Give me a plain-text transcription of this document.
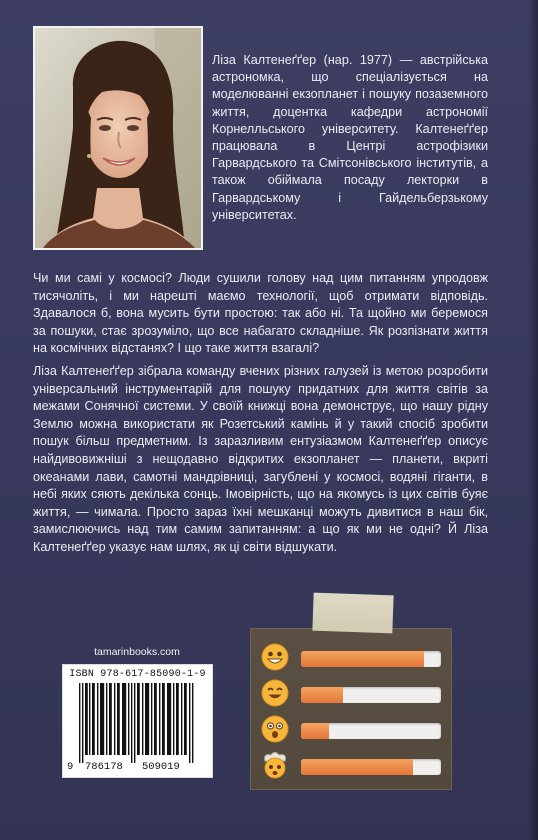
Ліза Калтенеґґер (нар. 1977) — австрійська астрономка, що спеціалізується на моделюванні екзопланет і пошуку позаземного життя, доцентка кафедри астрономії Корнелльського університету. Калтенеґґер працювала в Центрі астрофізики Гарвардського та Смітсонівського інститутів, а також обіймала посаду лекторки в Гарвардському і Гайдельберзькому університетах.

Чи ми самі у космосі? Люди сушили голову над цим питанням упродовж тисячоліть, і ми нарешті маємо технології, щоб отримати відповідь. Здавалося б, вона мусить бути простою: так або ні. Та щойно ми беремося за пошуки, стає зрозуміло, що все набагато складніше. Як розпізнати життя на космічних відстанях? І що таке життя взагалі?

Ліза Калтенеґґер зібрала команду вчених різних галузей із метою розробити універсальний інструментарій для пошуку придатних для життя світів за межами Сонячної системи. У своїй книжці вона демонструє, що нашу рідну Землю можна використати як Розетський камінь й у такий спосіб зробити пошук більш предметним. Із заразливим ентузіазмом Калтенеґґер описує найдивовижніші з нещодавно відкритих екзопланет — планети, вкриті океанами лави, самотні мандрівниці, загублені у космосі, водяні гіганти, в небі яких сяють декілька сонць. Імовірність, що на якомусь із цих світів буяє життя, — чимала. Просто зараз їхні мешканці можуть дивитися в наш бік, замислюючись над тим самим запитанням: а що як ми не одні? Й Ліза Калтенеґґер указує нам шлях, як ці світи відшукати.

tamarinbooks.com
ISBN 978-617-85090-1-9
9 786178 509019
